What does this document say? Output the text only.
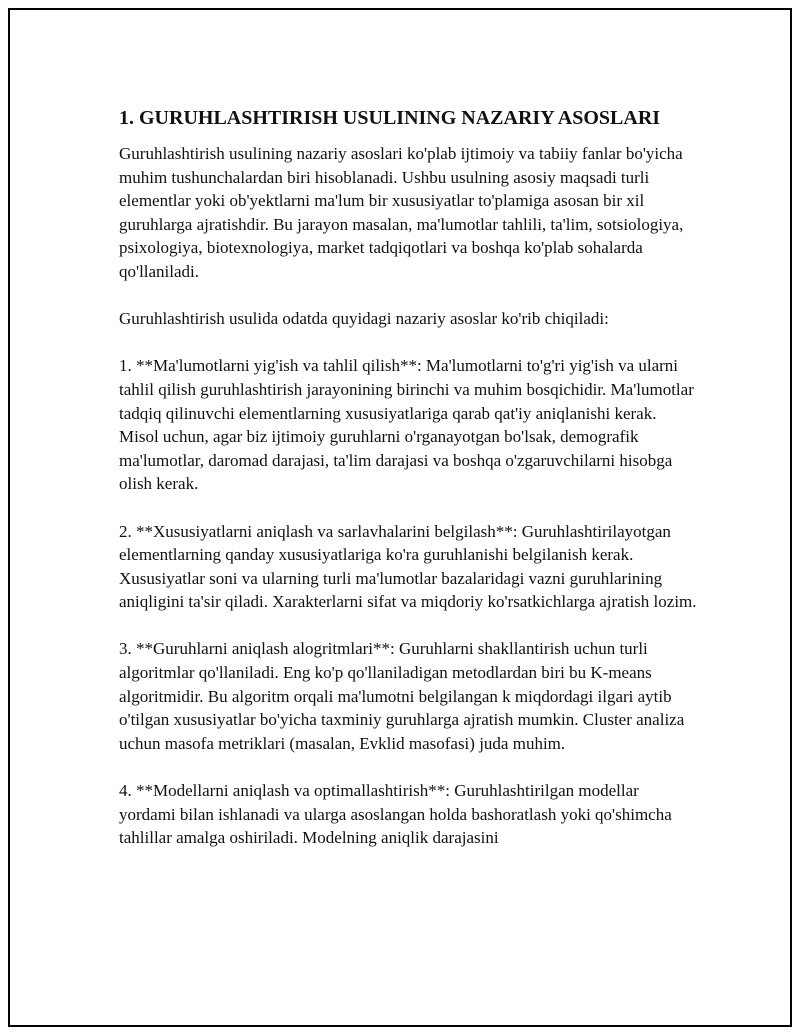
1. GURUHLASHTIRISH USULINING NAZARIY ASOSLARI

Guruhlashtirish usulining nazariy asoslari ko'plab ijtimoiy va tabiiy fanlar bo'yicha muhim tushunchalardan biri hisoblanadi. Ushbu usulning asosiy maqsadi turli elementlar yoki ob'yektlarni ma'lum bir xususiyatlar to'plamiga asosan bir xil guruhlarga ajratishdir. Bu jarayon masalan, ma'lumotlar tahlili, ta'lim, sotsiologiya, psixologiya, biotexnologiya, market tadqiqotlari va boshqa ko'plab sohalarda qo'llaniladi.

Guruhlashtirish usulida odatda quyidagi nazariy asoslar ko'rib chiqiladi:

1. **Ma'lumotlarni yig'ish va tahlil qilish**: Ma'lumotlarni to'g'ri yig'ish va ularni tahlil qilish guruhlashtirish jarayonining birinchi va muhim bosqichidir. Ma'lumotlar tadqiq qilinuvchi elementlarning xususiyatlariga qarab qat'iy aniqlanishi kerak. Misol uchun, agar biz ijtimoiy guruhlarni o'rganayotgan bo'lsak, demografik ma'lumotlar, daromad darajasi, ta'lim darajasi va boshqa o'zgaruvchilarni hisobga olish kerak.

2. **Xususiyatlarni aniqlash va sarlavhalarini belgilash**: Guruhlashtirilayotgan elementlarning qanday xususiyatlariga ko'ra guruhlanishi belgilanish kerak. Xususiyatlar soni va ularning turli ma'lumotlar bazalaridagi vazni guruhlarining aniqligini ta'sir qiladi. Xarakterlarni sifat va miqdoriy ko'rsatkichlarga ajratish lozim.

3. **Guruhlarni aniqlash alogritmlari**: Guruhlarni shakllantirish uchun turli algoritmlar qo'llaniladi. Eng ko'p qo'llaniladigan metodlardan biri bu K-means algoritmidir. Bu algoritm orqali ma'lumotni belgilangan k miqdordagi ilgari aytib o'tilgan xususiyatlar bo'yicha taxminiy guruhlarga ajratish mumkin. Cluster analiza uchun masofa metriklari (masalan, Evklid masofasi) juda muhim.

4. **Modellarni aniqlash va optimallashtirish**: Guruhlashtirilgan modellar yordami bilan ishlanadi va ularga asoslangan holda bashoratlash yoki qo'shimcha tahlillar amalga oshiriladi. Modelning aniqlik darajasini
